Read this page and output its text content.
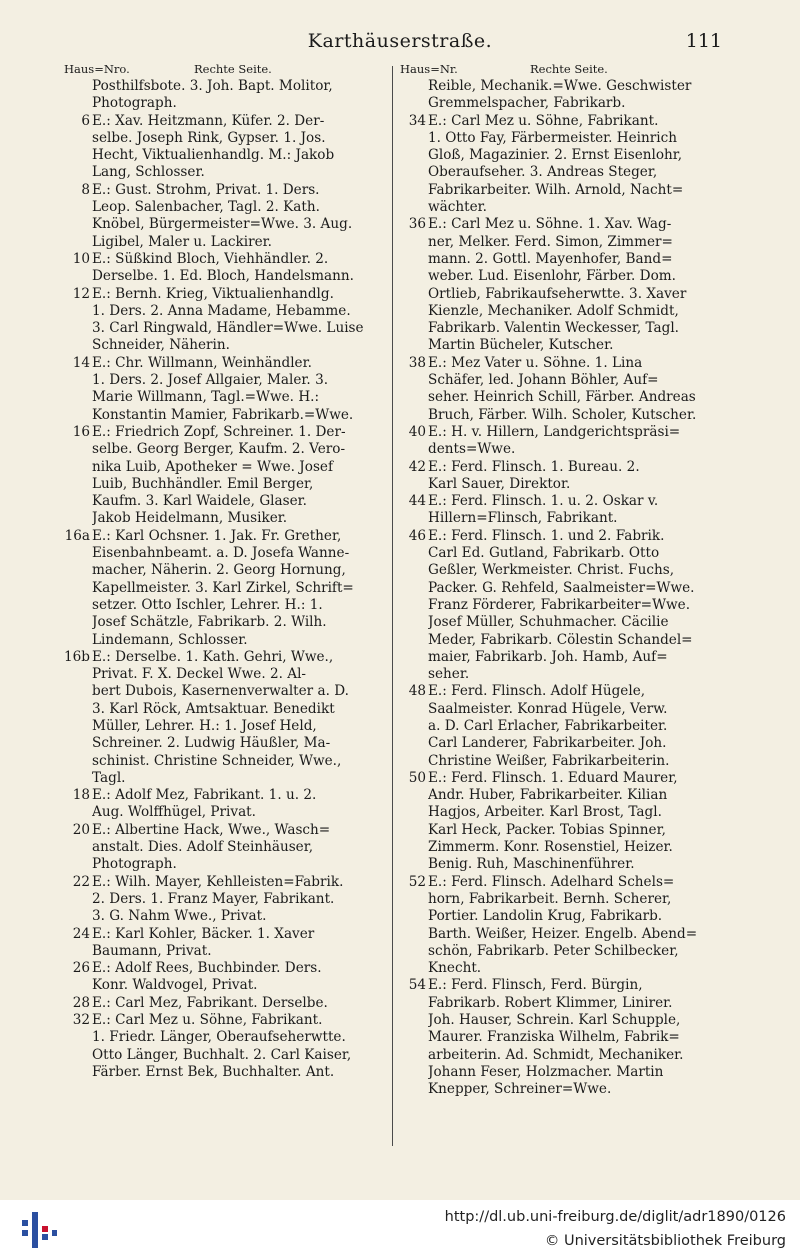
Karthäuserstraße.	111
Haus=Nro.	Rechte Seite.	Haus=Nr.	Rechte Seite.
Posthilfsbote. 3. Joh. Bapt. Molitor,
Photograph.
6 E.: Xav. Heitzmann, Küfer. 2. Der-
selbe. Joseph Rink, Gypser. 1. Jos.
Hecht, Viktualienhandlg. M.: Jakob
Lang, Schlosser.
8 E.: Gust. Strohm, Privat. 1. Ders.
Leop. Salenbacher, Tagl. 2. Kath.
Knöbel, Bürgermeister=Wwe. 3. Aug.
Ligibel, Maler u. Lackirer.
10 E.: Süßkind Bloch, Viehhändler. 2.
Derselbe. 1. Ed. Bloch, Handelsmann.
12 E.: Bernh. Krieg, Viktualienhandlg.
1. Ders. 2. Anna Madame, Hebamme.
3. Carl Ringwald, Händler=Wwe. Luise
Schneider, Näherin.
14 E.: Chr. Willmann, Weinhändler.
1. Ders. 2. Josef Allgaier, Maler. 3.
Marie Willmann, Tagl.=Wwe. H.:
Konstantin Mamier, Fabrikarb.=Wwe.
16 E.: Friedrich Zopf, Schreiner. 1. Der-
selbe. Georg Berger, Kaufm. 2. Vero-
nika Luib, Apotheker = Wwe. Josef
Luib, Buchhändler. Emil Berger,
Kaufm. 3. Karl Waidele, Glaser.
Jakob Heidelmann, Musiker.
16a E.: Karl Ochsner. 1. Jak. Fr. Grether,
Eisenbahnbeamt. a. D. Josefa Wanne-
macher, Näherin. 2. Georg Hornung,
Kapellmeister. 3. Karl Zirkel, Schrift=
setzer. Otto Ischler, Lehrer. H.: 1.
Josef Schätzle, Fabrikarb. 2. Wilh.
Lindemann, Schlosser.
16b E.: Derselbe. 1. Kath. Gehri, Wwe.,
Privat. F. X. Deckel Wwe. 2. Al-
bert Dubois, Kasernenverwalter a. D.
3. Karl Röck, Amtsaktuar. Benedikt
Müller, Lehrer. H.: 1. Josef Held,
Schreiner. 2. Ludwig Häußler, Ma-
schinist. Christine Schneider, Wwe.,
Tagl.
18 E.: Adolf Mez, Fabrikant. 1. u. 2.
Aug. Wolffhügel, Privat.
20 E.: Albertine Hack, Wwe., Wasch=
anstalt. Dies. Adolf Steinhäuser,
Photograph.
22 E.: Wilh. Mayer, Kehlleisten=Fabrik.
2. Ders. 1. Franz Mayer, Fabrikant.
3. G. Nahm Wwe., Privat.
24 E.: Karl Kohler, Bäcker. 1. Xaver
Baumann, Privat.
26 E.: Adolf Rees, Buchbinder. Ders.
Konr. Waldvogel, Privat.
28 E.: Carl Mez, Fabrikant. Derselbe.
32 E.: Carl Mez u. Söhne, Fabrikant.
1. Friedr. Länger, Oberaufseherwtte.
Otto Länger, Buchhalt. 2. Carl Kaiser,
Färber. Ernst Bek, Buchhalter. Ant.
Reible, Mechanik.=Wwe. Geschwister
Gremmelspacher, Fabrikarb.
34 E.: Carl Mez u. Söhne, Fabrikant.
1. Otto Fay, Färbermeister. Heinrich
Gloß, Magazinier. 2. Ernst Eisenlohr,
Oberaufseher. 3. Andreas Steger,
Fabrikarbeiter. Wilh. Arnold, Nacht=
wächter.
36 E.: Carl Mez u. Söhne. 1. Xav. Wag-
ner, Melker. Ferd. Simon, Zimmer=
mann. 2. Gottl. Mayenhofer, Band=
weber. Lud. Eisenlohr, Färber. Dom.
Ortlieb, Fabrikaufseherwtte. 3. Xaver
Kienzle, Mechaniker. Adolf Schmidt,
Fabrikarb. Valentin Weckesser, Tagl.
Martin Bücheler, Kutscher.
38 E.: Mez Vater u. Söhne. 1. Lina
Schäfer, led. Johann Böhler, Auf=
seher. Heinrich Schill, Färber. Andreas
Bruch, Färber. Wilh. Scholer, Kutscher.
40 E.: H. v. Hillern, Landgerichtspräsi=
dents=Wwe.
42 E.: Ferd. Flinsch. 1. Bureau. 2.
Karl Sauer, Direktor.
44 E.: Ferd. Flinsch. 1. u. 2. Oskar v.
Hillern=Flinsch, Fabrikant.
46 E.: Ferd. Flinsch. 1. und 2. Fabrik.
Carl Ed. Gutland, Fabrikarb. Otto
Geßler, Werkmeister. Christ. Fuchs,
Packer. G. Rehfeld, Saalmeister=Wwe.
Franz Förderer, Fabrikarbeiter=Wwe.
Josef Müller, Schuhmacher. Cäcilie
Meder, Fabrikarb. Cölestin Schandel=
maier, Fabrikarb. Joh. Hamb, Auf=
seher.
48 E.: Ferd. Flinsch. Adolf Hügele,
Saalmeister. Konrad Hügele, Verw.
a. D. Carl Erlacher, Fabrikarbeiter.
Carl Landerer, Fabrikarbeiter. Joh.
Christine Weißer, Fabrikarbeiterin.
50 E.: Ferd. Flinsch. 1. Eduard Maurer,
Andr. Huber, Fabrikarbeiter. Kilian
Hagjos, Arbeiter. Karl Brost, Tagl.
Karl Heck, Packer. Tobias Spinner,
Zimmerm. Konr. Rosenstiel, Heizer.
Benig. Ruh, Maschinenführer.
52 E.: Ferd. Flinsch. Adelhard Schels=
horn, Fabrikarbeit. Bernh. Scherer,
Portier. Landolin Krug, Fabrikarb.
Barth. Weißer, Heizer. Engelb. Abend=
schön, Fabrikarb. Peter Schilbecker,
Knecht.
54 E.: Ferd. Flinsch, Ferd. Bürgin,
Fabrikarb. Robert Klimmer, Linirer.
Joh. Hauser, Schrein. Karl Schupple,
Maurer. Franziska Wilhelm, Fabrik=
arbeiterin. Ad. Schmidt, Mechaniker.
Johann Feser, Holzmacher. Martin
Knepper, Schreiner=Wwe.
http://dl.ub.uni-freiburg.de/diglit/adr1890/0126
© Universitätsbibliothek Freiburg
